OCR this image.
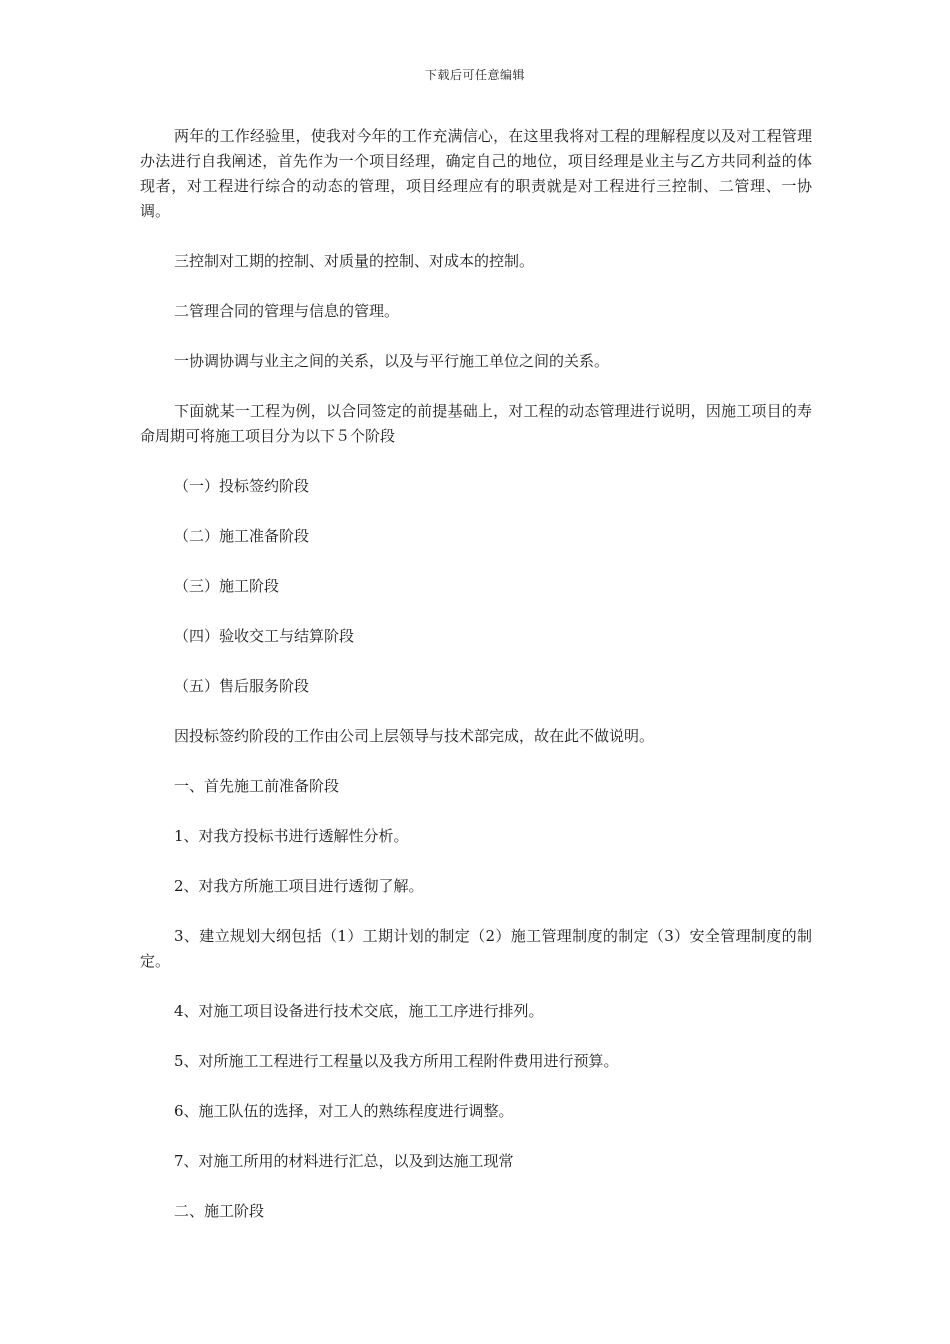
下载后可任意编辑

两年的工作经验里，使我对今年的工作充满信心，在这里我将对工程的理解程度以及对工程管理办法进行自我阐述，首先作为一个项目经理，确定自己的地位，项目经理是业主与乙方共同利益的体现者，对工程进行综合的动态的管理，项目经理应有的职责就是对工程进行三控制、二管理、一协调。

三控制对工期的控制、对质量的控制、对成本的控制。

二管理合同的管理与信息的管理。

一协调协调与业主之间的关系，以及与平行施工单位之间的关系。

下面就某一工程为例，以合同签定的前提基础上，对工程的动态管理进行说明，因施工项目的寿命周期可将施工项目分为以下５个阶段

（一）投标签约阶段

（二）施工准备阶段

（三）施工阶段

（四）验收交工与结算阶段

（五）售后服务阶段

因投标签约阶段的工作由公司上层领导与技术部完成，故在此不做说明。

一、首先施工前准备阶段

1、对我方投标书进行透解性分析。

2、对我方所施工项目进行透彻了解。

3、建立规划大纲包括（1）工期计划的制定（2）施工管理制度的制定（3）安全管理制度的制定。

4、对施工项目设备进行技术交底，施工工序进行排列。

5、对所施工工程进行工程量以及我方所用工程附件费用进行预算。

6、施工队伍的选择，对工人的熟练程度进行调整。

7、对施工所用的材料进行汇总，以及到达施工现常

二、施工阶段
